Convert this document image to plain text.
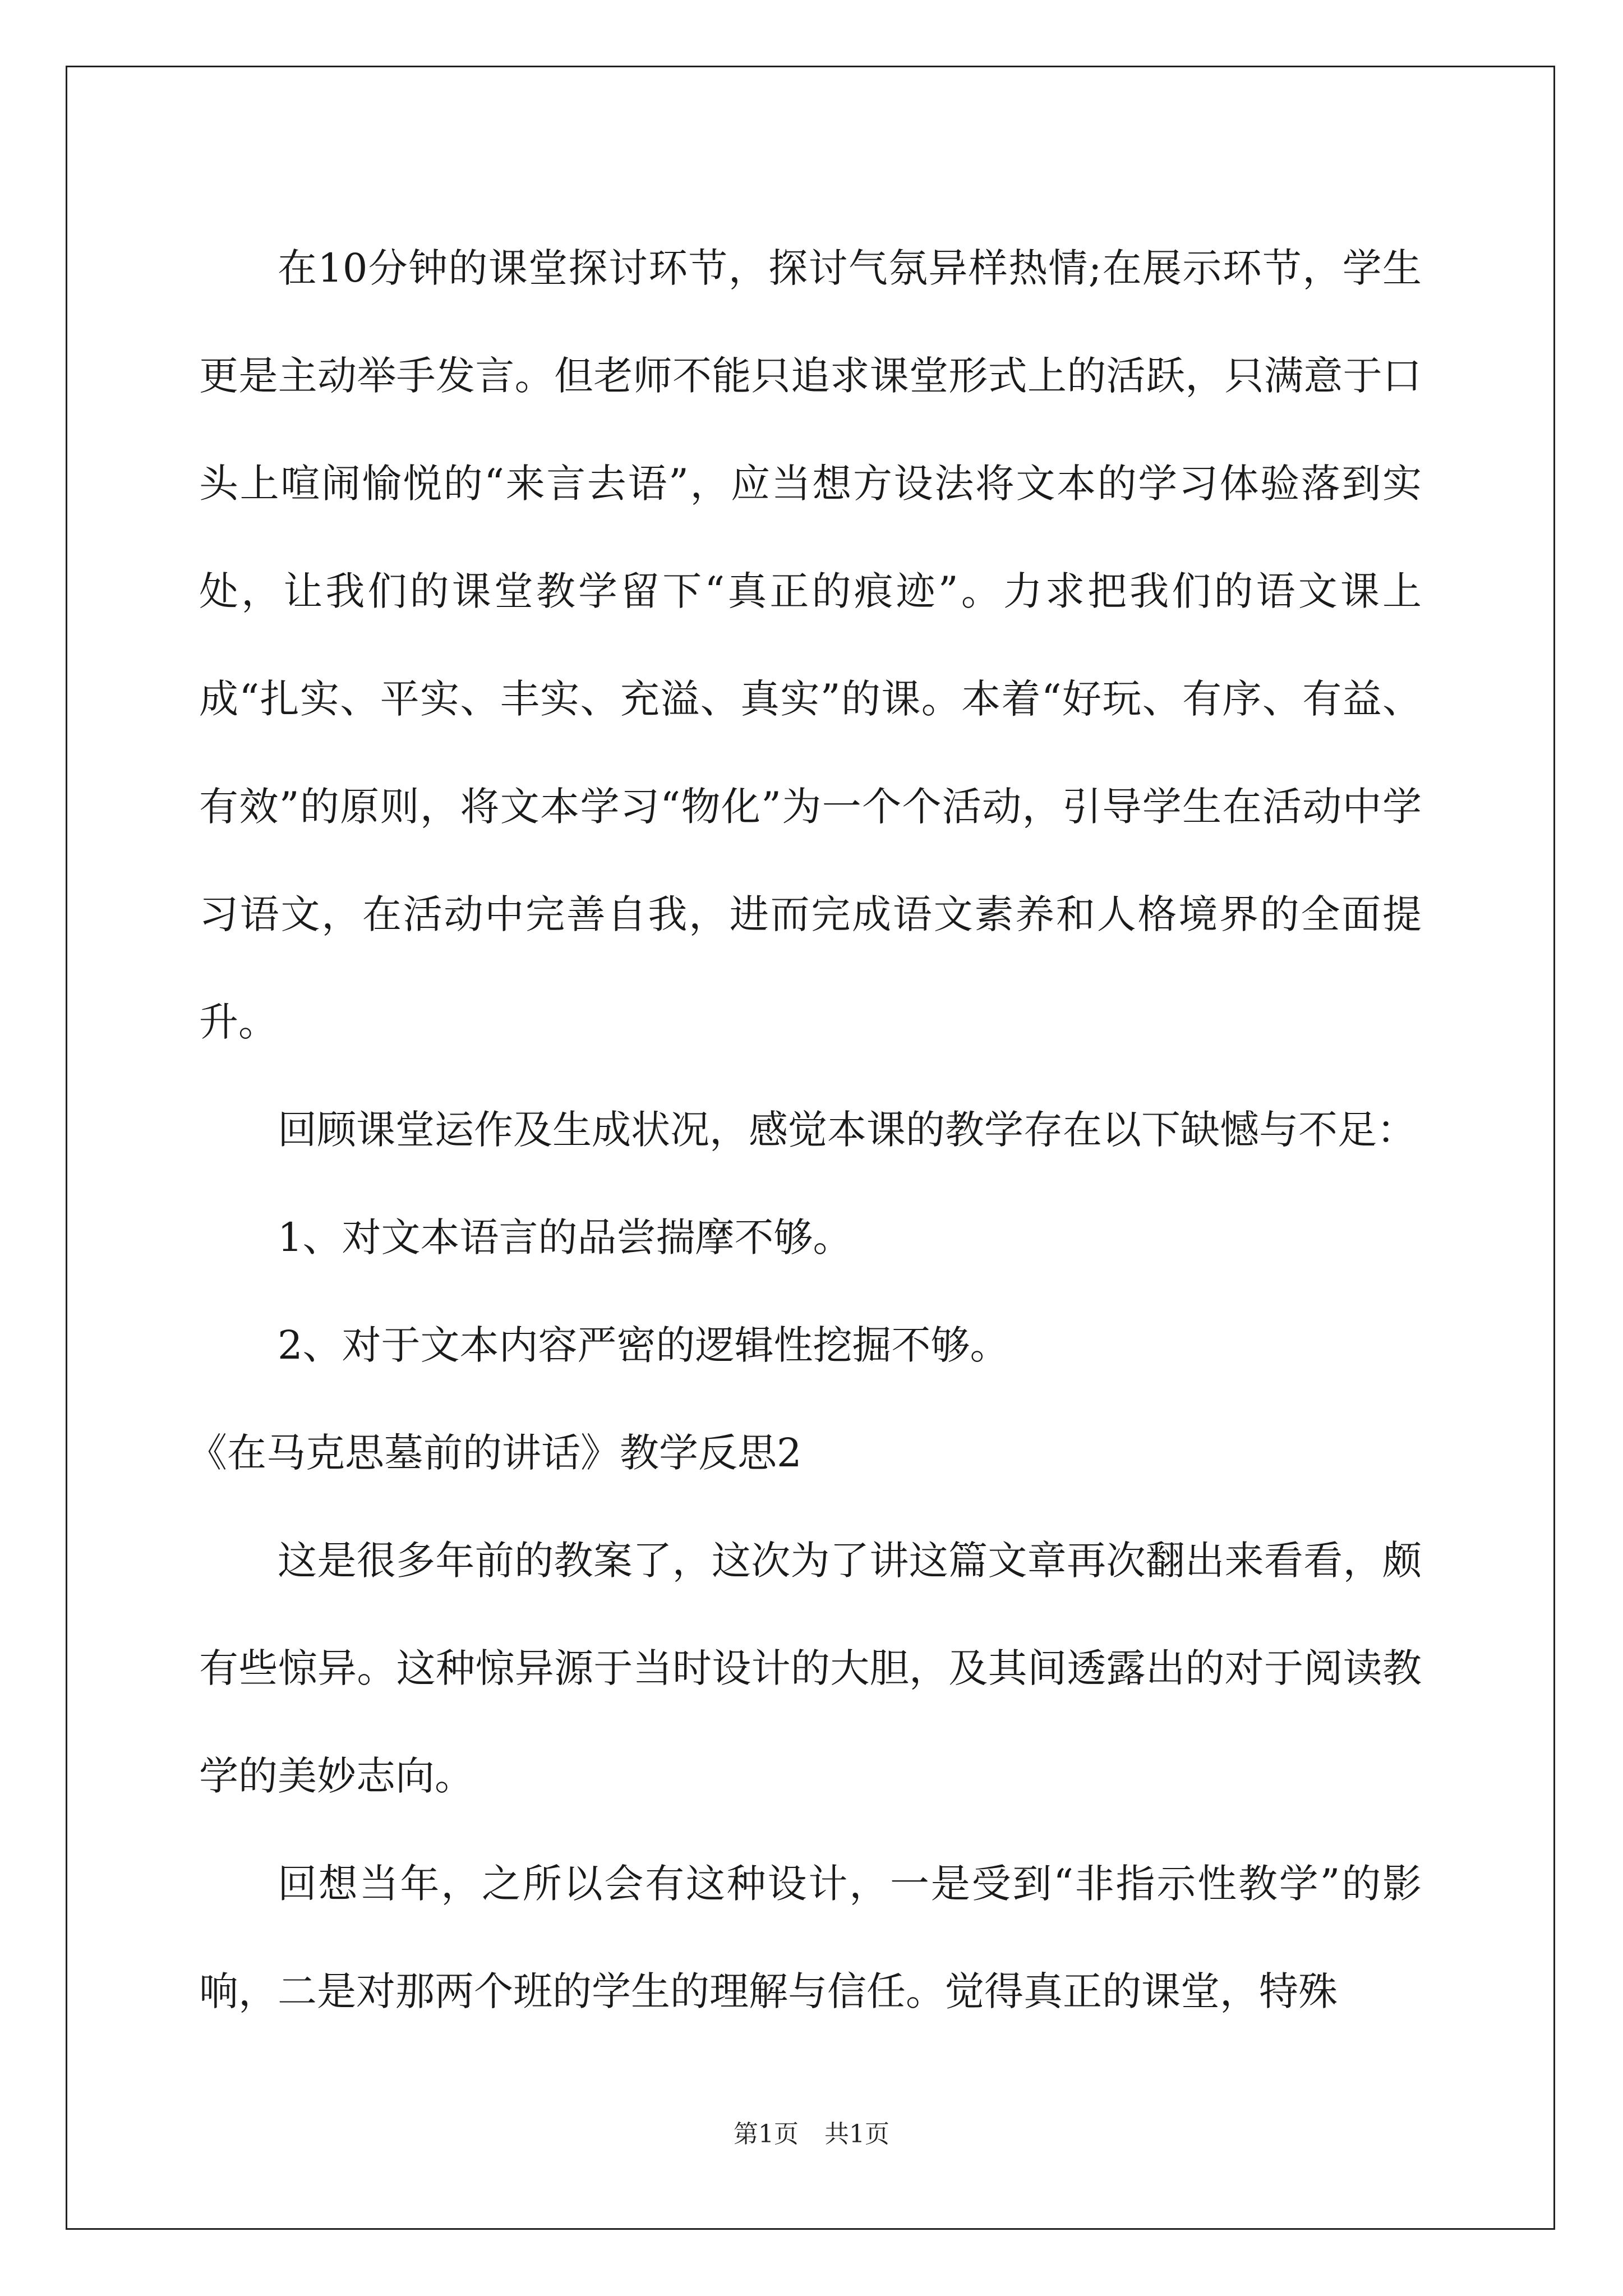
在10分钟的课堂探讨环节，探讨气氛异样热情;在展示环节，学生更是主动举手发言。但老师不能只追求课堂形式上的活跃，只满意于口头上喧闹愉悦的“来言去语”，应当想方设法将文本的学习体验落到实处，让我们的课堂教学留下“真正的痕迹”。力求把我们的语文课上成“扎实、平实、丰实、充溢、真实”的课。本着“好玩、有序、有益、有效”的原则，将文本学习“物化”为一个个活动，引导学生在活动中学习语文，在活动中完善自我，进而完成语文素养和人格境界的全面提升。

回顾课堂运作及生成状况，感觉本课的教学存在以下缺憾与不足：

1、对文本语言的品尝揣摩不够。

2、对于文本内容严密的逻辑性挖掘不够。

《在马克思墓前的讲话》教学反思2

这是很多年前的教案了，这次为了讲这篇文章再次翻出来看看，颇有些惊异。这种惊异源于当时设计的大胆，及其间透露出的对于阅读教学的美妙志向。

回想当年，之所以会有这种设计，一是受到“非指示性教学”的影响，二是对那两个班的学生的理解与信任。觉得真正的课堂，特殊

第1页 共1页
